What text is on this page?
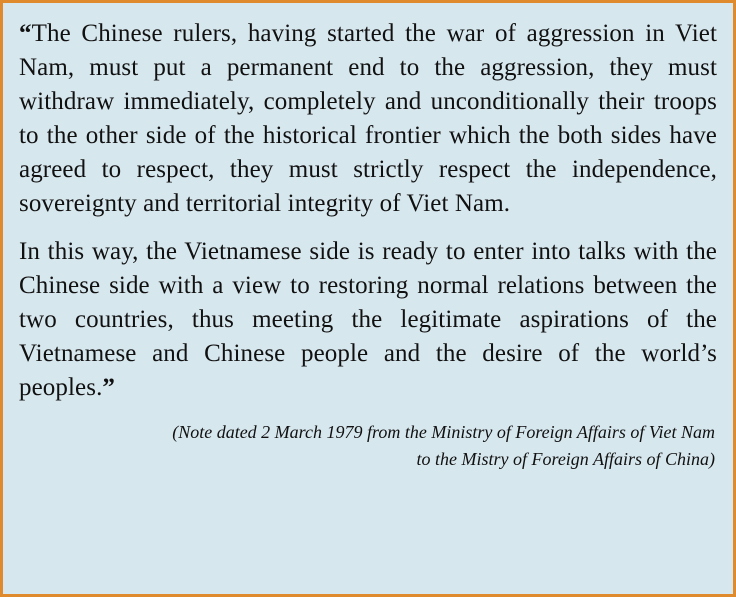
“The Chinese rulers, having started the war of aggression in Viet Nam, must put a permanent end to the aggression, they must withdraw immediately, completely and unconditionally their troops to the other side of the historical frontier which the both sides have agreed to respect, they must strictly respect the independence, sovereignty and territorial integrity of Viet Nam.

In this way, the Vietnamese side is ready to enter into talks with the Chinese side with a view to restoring normal relations between the two countries, thus meeting the legitimate aspirations of the Vietnamese and Chinese people and the desire of the world’s peoples.”

(Note dated 2 March 1979 from the Ministry of Foreign Affairs of Viet Nam
to the Mistry of Foreign Affairs of China)
